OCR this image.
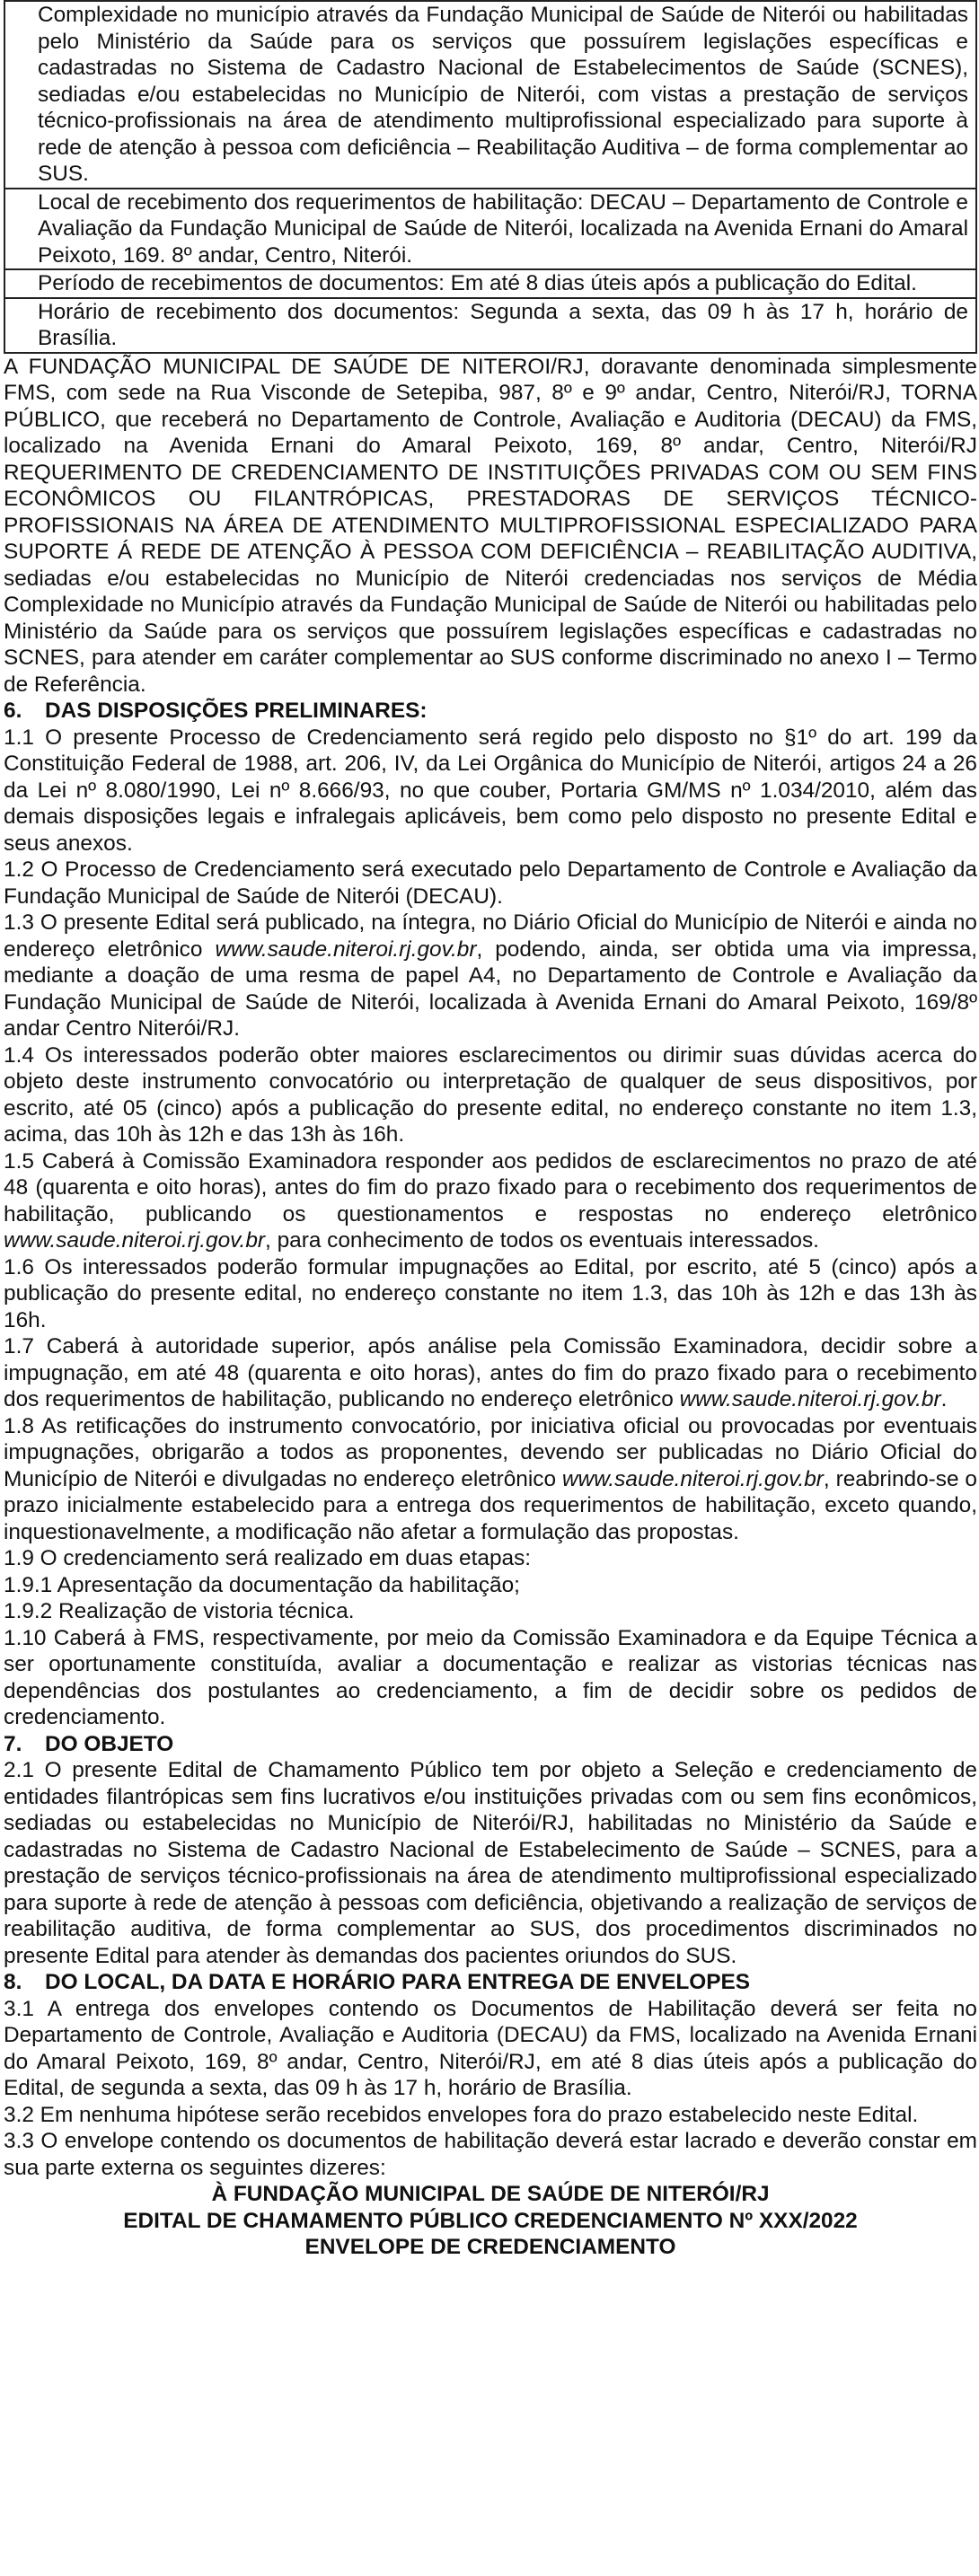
Complexidade no município através da Fundação Municipal de Saúde de Niterói ou habilitadas pelo Ministério da Saúde para os serviços que possuírem legislações específicas e cadastradas no Sistema de Cadastro Nacional de Estabelecimentos de Saúde (SCNES), sediadas e/ou estabelecidas no Município de Niterói, com vistas a prestação de serviços técnico-profissionais na área de atendimento multiprofissional especializado para suporte à rede de atenção à pessoa com deficiência – Reabilitação Auditiva – de forma complementar ao SUS.
Local de recebimento dos requerimentos de habilitação: DECAU – Departamento de Controle e Avaliação da Fundação Municipal de Saúde de Niterói, localizada na Avenida Ernani do Amaral Peixoto, 169. 8º andar, Centro, Niterói.
Período de recebimentos de documentos: Em até 8 dias úteis após a publicação do Edital.
Horário de recebimento dos documentos: Segunda a sexta, das 09 h às 17 h, horário de Brasília.

A FUNDAÇÃO MUNICIPAL DE SAÚDE DE NITEROI/RJ, doravante denominada simplesmente FMS, com sede na Rua Visconde de Setepiba, 987, 8º e 9º andar, Centro, Niterói/RJ, TORNA PÚBLICO, que receberá no Departamento de Controle, Avaliação e Auditoria (DECAU) da FMS, localizado na Avenida Ernani do Amaral Peixoto, 169, 8º andar, Centro, Niterói/RJ REQUERIMENTO DE CREDENCIAMENTO DE INSTITUIÇÕES PRIVADAS COM OU SEM FINS ECONÔMICOS OU FILANTRÓPICAS, PRESTADORAS DE SERVIÇOS TÉCNICO-PROFISSIONAIS NA ÁREA DE ATENDIMENTO MULTIPROFISSIONAL ESPECIALIZADO PARA SUPORTE Á REDE DE ATENÇÃO À PESSOA COM DEFICIÊNCIA – REABILITAÇÃO AUDITIVA, sediadas e/ou estabelecidas no Município de Niterói credenciadas nos serviços de Média Complexidade no Município através da Fundação Municipal de Saúde de Niterói ou habilitadas pelo Ministério da Saúde para os serviços que possuírem legislações específicas e cadastradas no SCNES, para atender em caráter complementar ao SUS conforme discriminado no anexo I – Termo de Referência.

6. DAS DISPOSIÇÕES PRELIMINARES:

1.1 O presente Processo de Credenciamento será regido pelo disposto no §1º do art. 199 da Constituição Federal de 1988, art. 206, IV, da Lei Orgânica do Município de Niterói, artigos 24 a 26 da Lei nº 8.080/1990, Lei nº 8.666/93, no que couber, Portaria GM/MS nº 1.034/2010, além das demais disposições legais e infralegais aplicáveis, bem como pelo disposto no presente Edital e seus anexos.

1.2 O Processo de Credenciamento será executado pelo Departamento de Controle e Avaliação da Fundação Municipal de Saúde de Niterói (DECAU).

1.3 O presente Edital será publicado, na íntegra, no Diário Oficial do Município de Niterói e ainda no endereço eletrônico www.saude.niteroi.rj.gov.br, podendo, ainda, ser obtida uma via impressa, mediante a doação de uma resma de papel A4, no Departamento de Controle e Avaliação da Fundação Municipal de Saúde de Niterói, localizada à Avenida Ernani do Amaral Peixoto, 169/8º andar Centro Niterói/RJ.

1.4 Os interessados poderão obter maiores esclarecimentos ou dirimir suas dúvidas acerca do objeto deste instrumento convocatório ou interpretação de qualquer de seus dispositivos, por escrito, até 05 (cinco) após a publicação do presente edital, no endereço constante no item 1.3, acima, das 10h às 12h e das 13h às 16h.

1.5 Caberá à Comissão Examinadora responder aos pedidos de esclarecimentos no prazo de até 48 (quarenta e oito horas), antes do fim do prazo fixado para o recebimento dos requerimentos de habilitação, publicando os questionamentos e respostas no endereço eletrônico www.saude.niteroi.rj.gov.br, para conhecimento de todos os eventuais interessados.

1.6 Os interessados poderão formular impugnações ao Edital, por escrito, até 5 (cinco) após a publicação do presente edital, no endereço constante no item 1.3, das 10h às 12h e das 13h às 16h.

1.7 Caberá à autoridade superior, após análise pela Comissão Examinadora, decidir sobre a impugnação, em até 48 (quarenta e oito horas), antes do fim do prazo fixado para o recebimento dos requerimentos de habilitação, publicando no endereço eletrônico www.saude.niteroi.rj.gov.br.

1.8 As retificações do instrumento convocatório, por iniciativa oficial ou provocadas por eventuais impugnações, obrigarão a todos as proponentes, devendo ser publicadas no Diário Oficial do Município de Niterói e divulgadas no endereço eletrônico www.saude.niteroi.rj.gov.br, reabrindo-se o prazo inicialmente estabelecido para a entrega dos requerimentos de habilitação, exceto quando, inquestionavelmente, a modificação não afetar a formulação das propostas.

1.9 O credenciamento será realizado em duas etapas:

1.9.1 Apresentação da documentação da habilitação;

1.9.2 Realização de vistoria técnica.

1.10 Caberá à FMS, respectivamente, por meio da Comissão Examinadora e da Equipe Técnica a ser oportunamente constituída, avaliar a documentação e realizar as vistorias técnicas nas dependências dos postulantes ao credenciamento, a fim de decidir sobre os pedidos de credenciamento.

7. DO OBJETO

2.1 O presente Edital de Chamamento Público tem por objeto a Seleção e credenciamento de entidades filantrópicas sem fins lucrativos e/ou instituições privadas com ou sem fins econômicos, sediadas ou estabelecidas no Município de Niterói/RJ, habilitadas no Ministério da Saúde e cadastradas no Sistema de Cadastro Nacional de Estabelecimento de Saúde – SCNES, para a prestação de serviços técnico-profissionais na área de atendimento multiprofissional especializado para suporte à rede de atenção à pessoas com deficiência, objetivando a realização de serviços de reabilitação auditiva, de forma complementar ao SUS, dos procedimentos discriminados no presente Edital para atender às demandas dos pacientes oriundos do SUS.

8. DO LOCAL, DA DATA E HORÁRIO PARA ENTREGA DE ENVELOPES

3.1 A entrega dos envelopes contendo os Documentos de Habilitação deverá ser feita no Departamento de Controle, Avaliação e Auditoria (DECAU) da FMS, localizado na Avenida Ernani do Amaral Peixoto, 169, 8º andar, Centro, Niterói/RJ, em até 8 dias úteis após a publicação do Edital, de segunda a sexta, das 09 h às 17 h, horário de Brasília.

3.2 Em nenhuma hipótese serão recebidos envelopes fora do prazo estabelecido neste Edital.

3.3 O envelope contendo os documentos de habilitação deverá estar lacrado e deverão constar em sua parte externa os seguintes dizeres:

À FUNDAÇÃO MUNICIPAL DE SAÚDE DE NITERÓI/RJ

EDITAL DE CHAMAMENTO PÚBLICO CREDENCIAMENTO Nº XXX/2022

ENVELOPE DE CREDENCIAMENTO
